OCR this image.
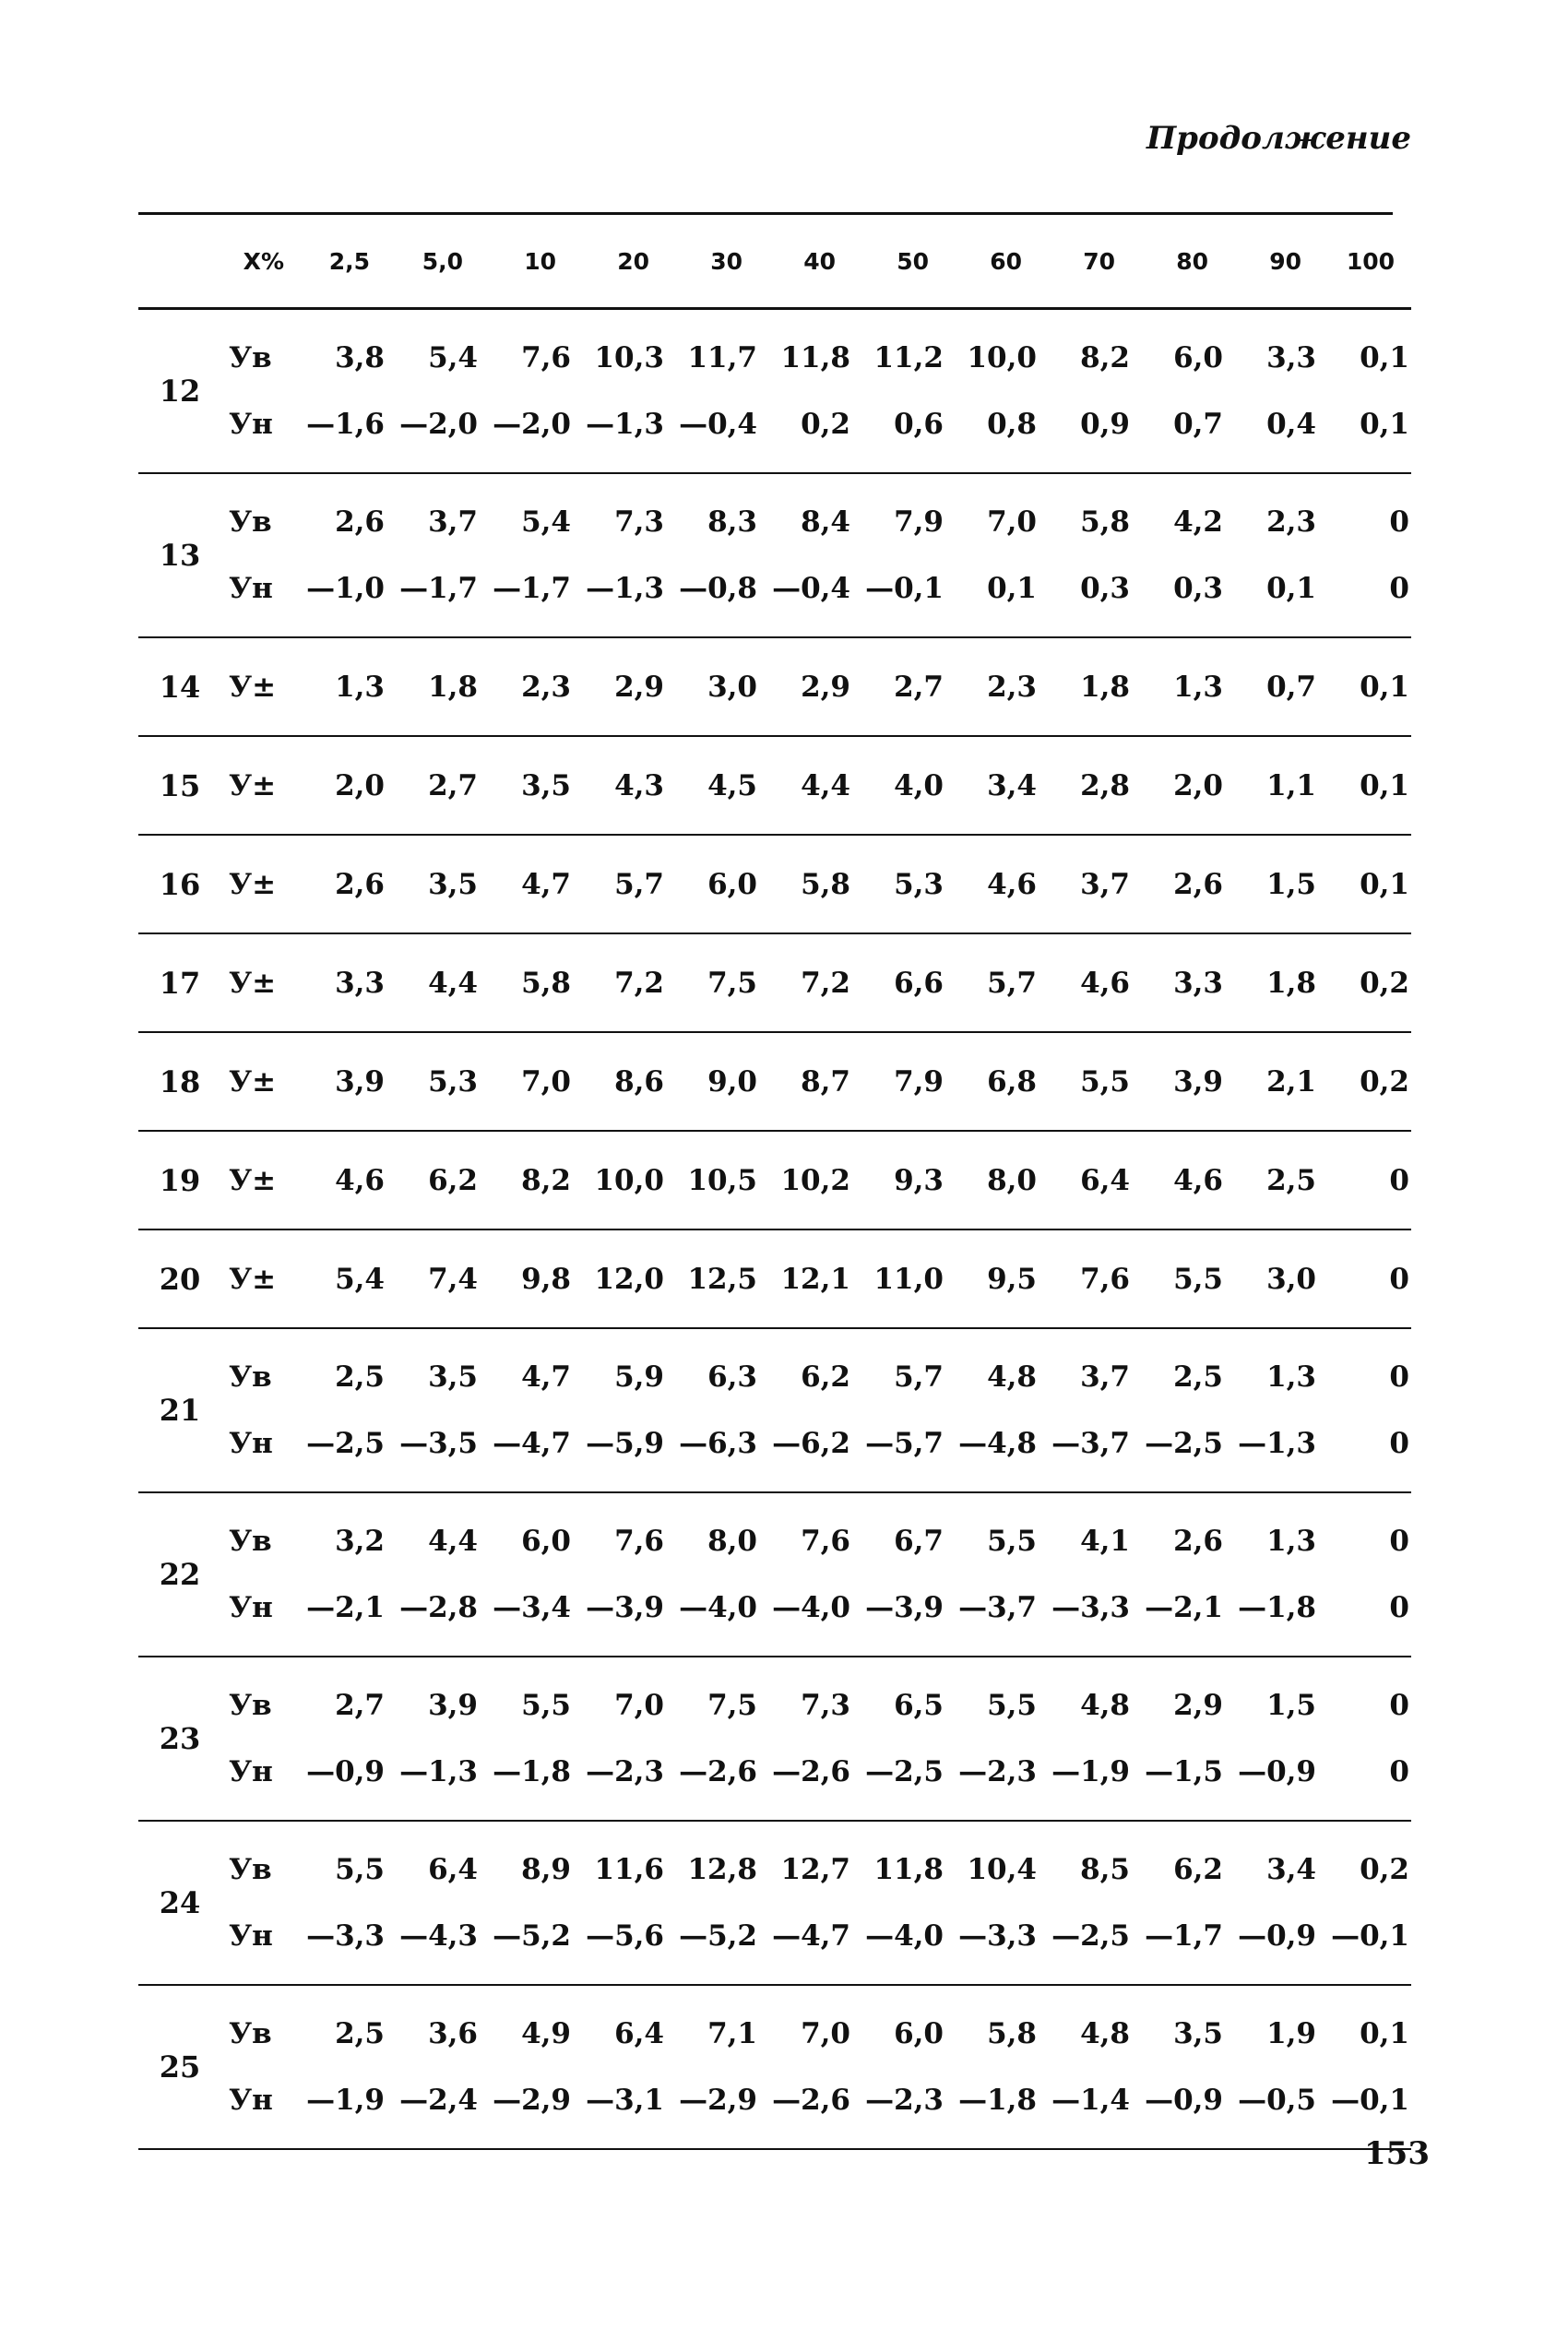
Продолжение
X%	2,5	5,0	10	20	30	40	50	60	70	80	90	100
12
Ув	3,8	5,4	7,6 10,3 11,7 11,8 11,2 10,0	8,2	6,0	3,3	0,1
Ун	—1,6 —2,0 —2,0 —1,3 —0,4	0,2	0,6	0,8	0,9	0,7	0,4	0,1
13
Ув	2,6	3,7	5,4	7,3	8,3	8,4	7,9	7,0	5,8	4,2	2,3	0
Ун	—1,0 —1,7 —1,7 —1,3 —0,8 —0,4 —0,1	0,1	0,3	0,3	0,1	0
14 У±	1,3	1,8	2,3	2,9	3,0	2,9	2,7	2,3	1,8	1,3	0,7	0,1
15 У±	2,0	2,7	3,5	4,3	4,5	4,4	4,0	3,4	2,8	2,0	1,1	0,1
16 У±	2,6	3,5	4,7	5,7	6,0	5,8	5,3	4,6	3,7	2,6	1,5	0,1
17 У±	3,3	4,4	5,8	7,2	7,5	7,2	6,6	5,7	4,6	3,3	1,8	0,2
18 У±	3,9	5,3	7,0	8,6	9,0	8,7	7,9	6,8	5,5	3,9	2,1	0,2
19 У±	4,6	6,2	8,2 10,0 10,5 10,2	9,3	8,0	6,4	4,6	2,5	0
20 У±	5,4	7,4	9,8 12,0 12,5 12,1 11,0	9,5	7,6	5,5	3,0	0
21
Ув	2,5	3,5	4,7	5,9	6,3	6,2	5,7	4,8	3,7	2,5	1,3	0
Ун	—2,5 —3,5 —4,7 —5,9 —6,3 —6,2 —5,7 —4,8 —3,7 —2,5 —1,3	0
22
Ув	3,2	4,4	6,0	7,6	8,0	7,6	6,7	5,5	4,1	2,6	1,3	0
Ун	—2,1 —2,8 —3,4 —3,9 —4,0 —4,0 —3,9 —3,7 —3,3 —2,1 —1,8	0
23
Ув	2,7	3,9	5,5	7,0	7,5	7,3	6,5	5,5	4,8	2,9	1,5	0
Ун	—0,9 —1,3 —1,8 —2,3 —2,6 —2,6 —2,5 —2,3 —1,9 —1,5 —0,9	0
24
Ув	5,5	6,4	8,9 11,6 12,8 12,7 11,8 10,4	8,5	6,2	3,4	0,2
Ун	—3,3 —4,3 —5,2 —5,6 —5,2 —4,7 —4,0 —3,3 —2,5 —1,7 —0,9 —0,1
25
Ув	2,5	3,6	4,9	6,4	7,1	7,0	6,0	5,8	4,8	3,5	1,9	0,1
Ун	—1,9 —2,4 —2,9 —3,1 —2,9 —2,6 —2,3 —1,8 —1,4 —0,9 —0,5 —0,1
153
